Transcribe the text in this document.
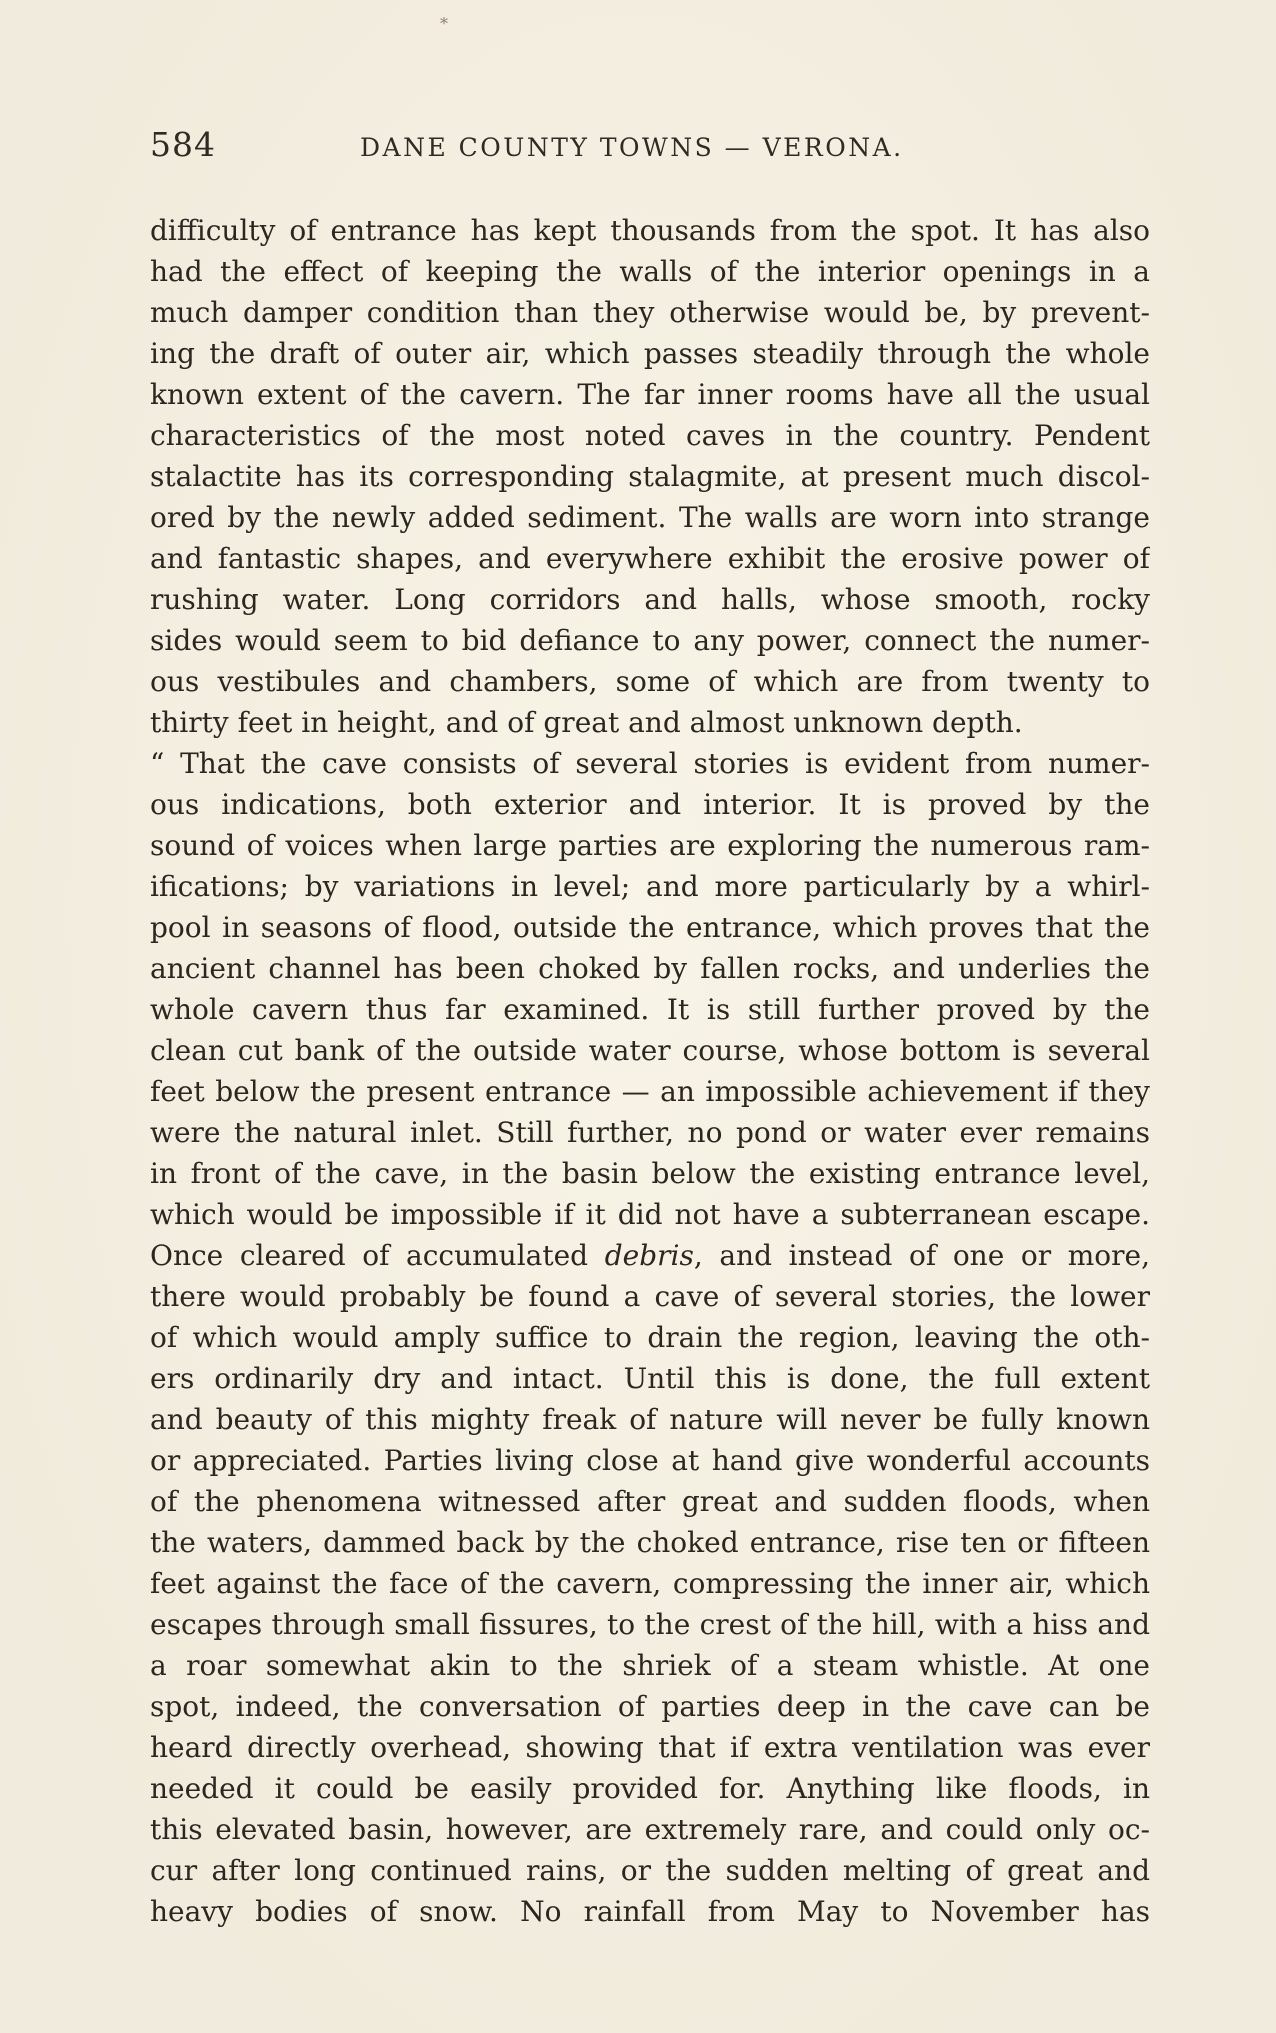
*
584	DANE COUNTY TOWNS — VERONA.
difficulty of entrance has kept thousands from the spot. It has also
had the effect of keeping the walls of the interior openings in a
much damper condition than they otherwise would be, by prevent-
ing the draft of outer air, which passes steadily through the whole
known extent of the cavern. The far inner rooms have all the usual
characteristics of the most noted caves in the country. Pendent
stalactite has its corresponding stalagmite, at present much discol-
ored by the newly added sediment. The walls are worn into strange
and fantastic shapes, and everywhere exhibit the erosive power of
rushing water. Long corridors and halls, whose smooth, rocky
sides would seem to bid defiance to any power, connect the numer-
ous vestibules and chambers, some of which are from twenty to
thirty feet in height, and of great and almost unknown depth.
“ That the cave consists of several stories is evident from numer-
ous indications, both exterior and interior. It is proved by the
sound of voices when large parties are exploring the numerous ram-
ifications; by variations in level; and more particularly by a whirl-
pool in seasons of flood, outside the entrance, which proves that the
ancient channel has been choked by fallen rocks, and underlies the
whole cavern thus far examined. It is still further proved by the
clean cut bank of the outside water course, whose bottom is several
feet below the present entrance — an impossible achievement if they
were the natural inlet. Still further, no pond or water ever remains
in front of the cave, in the basin below the existing entrance level,
which would be impossible if it did not have a subterranean escape.
Once cleared of accumulated debris, and instead of one or more,
there would probably be found a cave of several stories, the lower
of which would amply suffice to drain the region, leaving the oth-
ers ordinarily dry and intact. Until this is done, the full extent
and beauty of this mighty freak of nature will never be fully known
or appreciated. Parties living close at hand give wonderful accounts
of the phenomena witnessed after great and sudden floods, when
the waters, dammed back by the choked entrance, rise ten or fifteen
feet against the face of the cavern, compressing the inner air, which
escapes through small fissures, to the crest of the hill, with a hiss and
a roar somewhat akin to the shriek of a steam whistle. At one
spot, indeed, the conversation of parties deep in the cave can be
heard directly overhead, showing that if extra ventilation was ever
needed it could be easily provided for. Anything like floods, in
this elevated basin, however, are extremely rare, and could only oc-
cur after long continued rains, or the sudden melting of great and
heavy bodies of snow. No rainfall from May to November has
